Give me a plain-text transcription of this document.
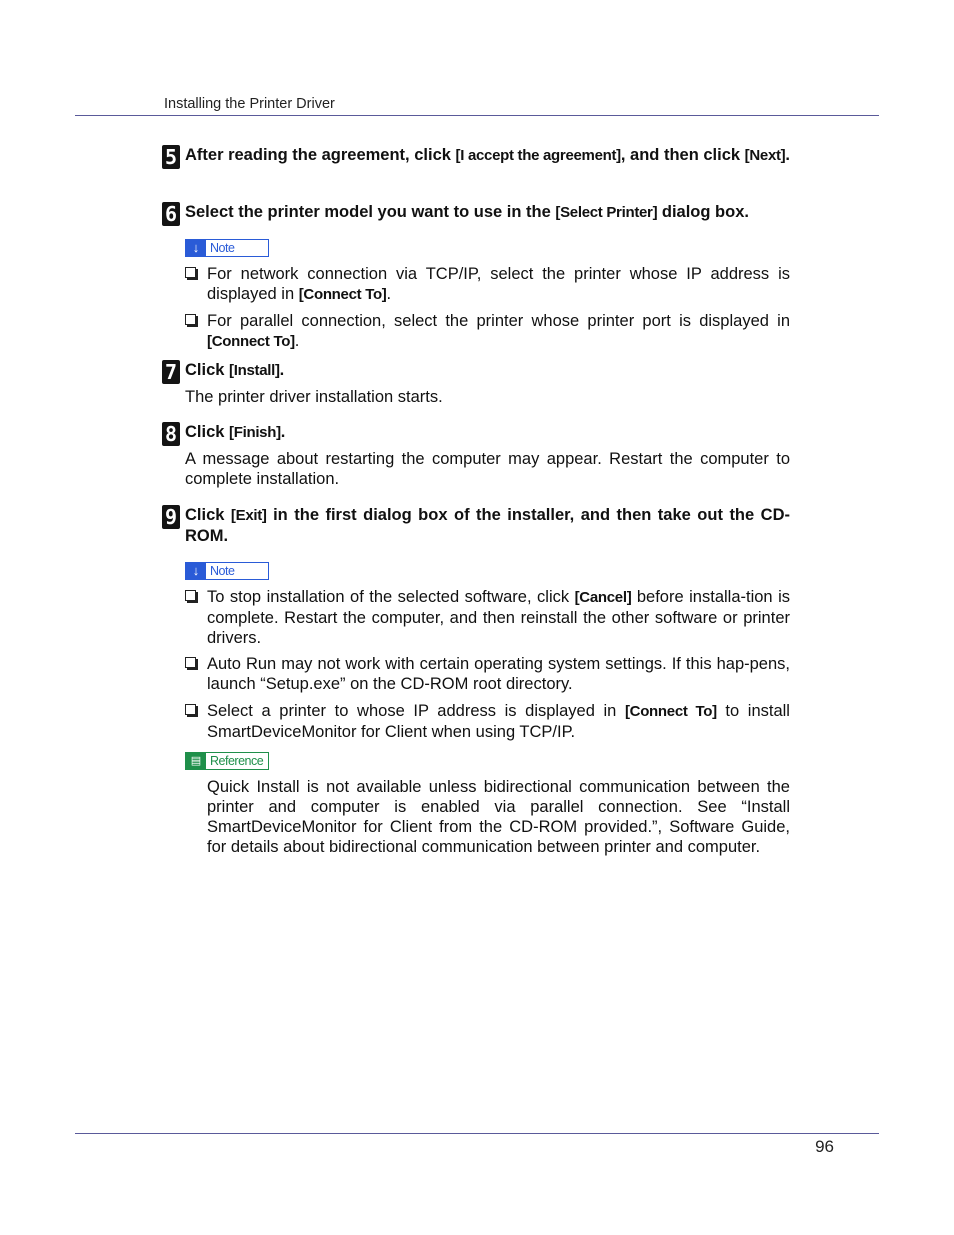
Installing the Printer Driver
5 After reading the agreement, click [I accept the agreement], and then click [Next].
6 Select the printer model you want to use in the [Select Printer] dialog box.
↓ Note
For network connection via TCP/IP, select the printer whose IP address is displayed in [Connect To].
For parallel connection, select the printer whose printer port is displayed in [Connect To].
7 Click [Install].
The printer driver installation starts.
8 Click [Finish].
A message about restarting the computer may appear. Restart the computer to complete installation.
9 Click [Exit] in the first dialog box of the installer, and then take out the CD-ROM.
↓ Note
To stop installation of the selected software, click [Cancel] before installa-tion is complete. Restart the computer, and then reinstall the other software or printer drivers.
Auto Run may not work with certain operating system settings. If this hap-pens, launch “Setup.exe” on the CD-ROM root directory.
Select a printer to whose IP address is displayed in [Connect To] to install SmartDeviceMonitor for Client when using TCP/IP.
▤ Reference
Quick Install is not available unless bidirectional communication between the printer and computer is enabled via parallel connection. See “Install SmartDeviceMonitor for Client from the CD-ROM provided.”, Software Guide, for details about bidirectional communication between printer and computer.
96
